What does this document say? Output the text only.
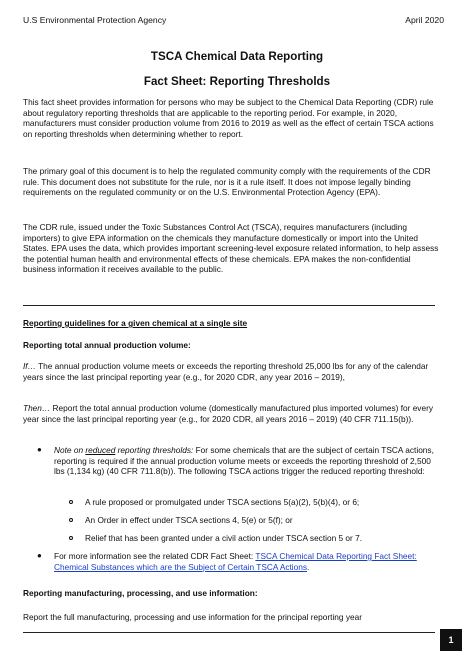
U.S Environmental Protection Agency	April 2020
TSCA Chemical Data Reporting
Fact Sheet: Reporting Thresholds
This fact sheet provides information for persons who may be subject to the Chemical Data Reporting (CDR) rule about regulatory reporting thresholds that are applicable to the reporting period. For example, in 2020, manufacturers must consider production volume from 2016 to 2019 as well as the effect of certain TSCA actions on reporting thresholds when determining whether to report.
The primary goal of this document is to help the regulated community comply with the requirements of the CDR rule. This document does not substitute for the rule, nor is it a rule itself. It does not impose legally binding requirements on the regulated community or on the U.S. Environmental Protection Agency (EPA).
The CDR rule, issued under the Toxic Substances Control Act (TSCA), requires manufacturers (including importers) to give EPA information on the chemicals they manufacture domestically or import into the United States. EPA uses the data, which provides important screening-level exposure related information, to help assess the potential human health and environmental effects of these chemicals. EPA makes the non-confidential business information it receives available to the public.
Reporting guidelines for a given chemical at a single site
Reporting total annual production volume:
If… The annual production volume meets or exceeds the reporting threshold 25,000 lbs for any of the calendar years since the last principal reporting year (e.g., for 2020 CDR, any year 2016 – 2019),
Then… Report the total annual production volume (domestically manufactured plus imported volumes) for every year since the last principal reporting year (e.g., for 2020 CDR, all years 2016 – 2019) (40 CFR 711.15(b)).
● Note on reduced reporting thresholds: For some chemicals that are the subject of certain TSCA actions, reporting is required if the annual production volume meets or exceeds the reporting threshold of 2,500 lbs (1,134 kg) (40 CFR 711.8(b)). The following TSCA actions trigger the reduced reporting threshold:
A rule proposed or promulgated under TSCA sections 5(a)(2), 5(b)(4), or 6;
An Order in effect under TSCA sections 4, 5(e) or 5(f); or
Relief that has been granted under a civil action under TSCA section 5 or 7.
● For more information see the related CDR Fact Sheet: TSCA Chemical Data Reporting Fact Sheet: Chemical Substances which are the Subject of Certain TSCA Actions.
Reporting manufacturing, processing, and use information:
Report the full manufacturing, processing and use information for the principal reporting year
1
